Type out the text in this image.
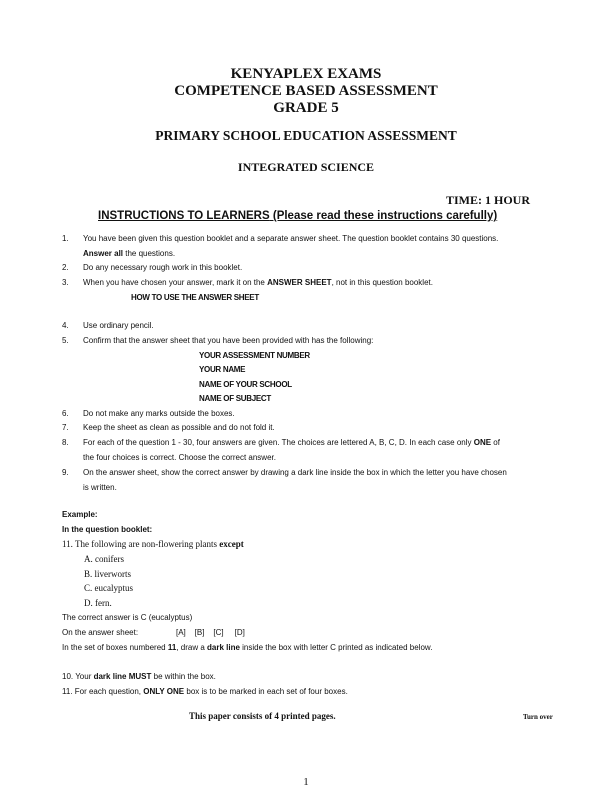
KENYAPLEX EXAMS
COMPETENCE BASED ASSESSMENT
GRADE 5
PRIMARY SCHOOL EDUCATION ASSESSMENT
INTEGRATED SCIENCE
TIME: 1 HOUR
INSTRUCTIONS TO LEARNERS (Please read these instructions carefully)
1. You have been given this question booklet and a separate answer sheet. The question booklet contains 30 questions.
Answer all the questions.
2. Do any necessary rough work in this booklet.
3. When you have chosen your answer, mark it on the ANSWER SHEET, not in this question booklet.
HOW TO USE THE ANSWER SHEET
4. Use ordinary pencil.
5. Confirm that the answer sheet that you have been provided with has the following:
YOUR ASSESSMENT NUMBER
YOUR NAME
NAME OF YOUR SCHOOL
NAME OF SUBJECT
6. Do not make any marks outside the boxes.
7. Keep the sheet as clean as possible and do not fold it.
8. For each of the question 1 - 30, four answers are given. The choices are lettered A, B, C, D. In each case only ONE of
the four choices is correct. Choose the correct answer.
9. On the answer sheet, show the correct answer by drawing a dark line inside the box in which the letter you have chosen
is written.
Example:
In the question booklet:
11. The following are non-flowering plants except
A. conifers
B. liverworts
C. eucalyptus
D. fern.
The correct answer is C (eucalyptus)
On the answer sheet:	[A]    [B]    [C]     [D]
In the set of boxes numbered 11, draw a dark line inside the box with letter C printed as indicated below.
10. Your dark line MUST be within the box.
11. For each question, ONLY ONE box is to be marked in each set of four boxes.
This paper consists of 4 printed pages.	Turn over
1
